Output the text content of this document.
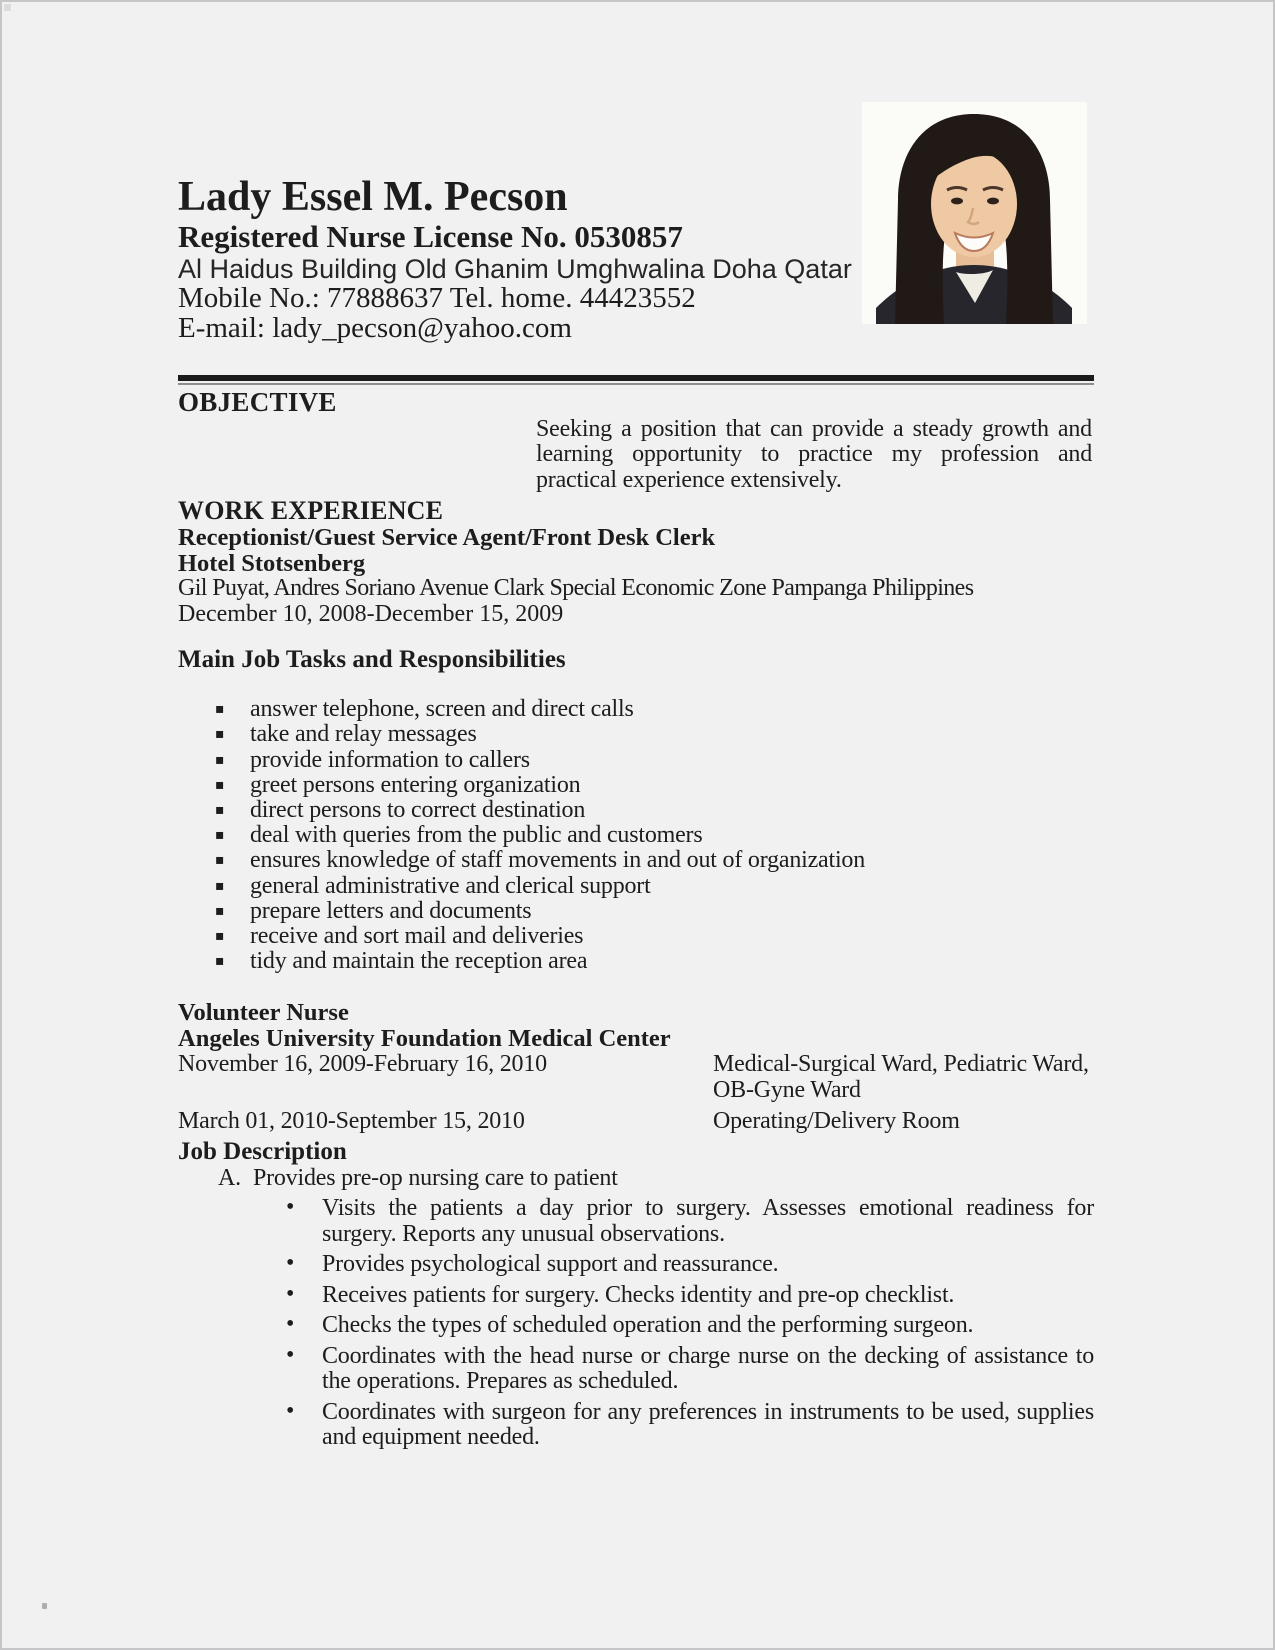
Lady Essel M. Pecson
Registered Nurse License No. 0530857
Al Haidus Building Old Ghanim Umghwalina Doha Qatar
Mobile No.: 77888637 Tel. home. 44423552
E-mail: lady_pecson@yahoo.com
OBJECTIVE
Seeking a position that can provide a steady growth and learning opportunity to practice my profession and practical experience extensively.
WORK EXPERIENCE
Receptionist/Guest Service Agent/Front Desk Clerk
Hotel Stotsenberg
Gil Puyat, Andres Soriano Avenue Clark Special Economic Zone Pampanga Philippines
December 10, 2008-December 15, 2009
Main Job Tasks and Responsibilities
▪ answer telephone, screen and direct calls
▪ take and relay messages
▪ provide information to callers
▪ greet persons entering organization
▪ direct persons to correct destination
▪ deal with queries from the public and customers
▪ ensures knowledge of staff movements in and out of organization
▪ general administrative and clerical support
▪ prepare letters and documents
▪ receive and sort mail and deliveries
▪ tidy and maintain the reception area
Volunteer Nurse
Angeles University Foundation Medical Center
November 16, 2009-February 16, 2010	Medical-Surgical Ward, Pediatric Ward, OB-Gyne Ward
March 01, 2010-September 15, 2010	Operating/Delivery Room
Job Description
A. Provides pre-op nursing care to patient
• Visits the patients a day prior to surgery. Assesses emotional readiness for surgery. Reports any unusual observations.
• Provides psychological support and reassurance.
• Receives patients for surgery. Checks identity and pre-op checklist.
• Checks the types of scheduled operation and the performing surgeon.
• Coordinates with the head nurse or charge nurse on the decking of assistance to the operations. Prepares as scheduled.
• Coordinates with surgeon for any preferences in instruments to be used, supplies and equipment needed.
